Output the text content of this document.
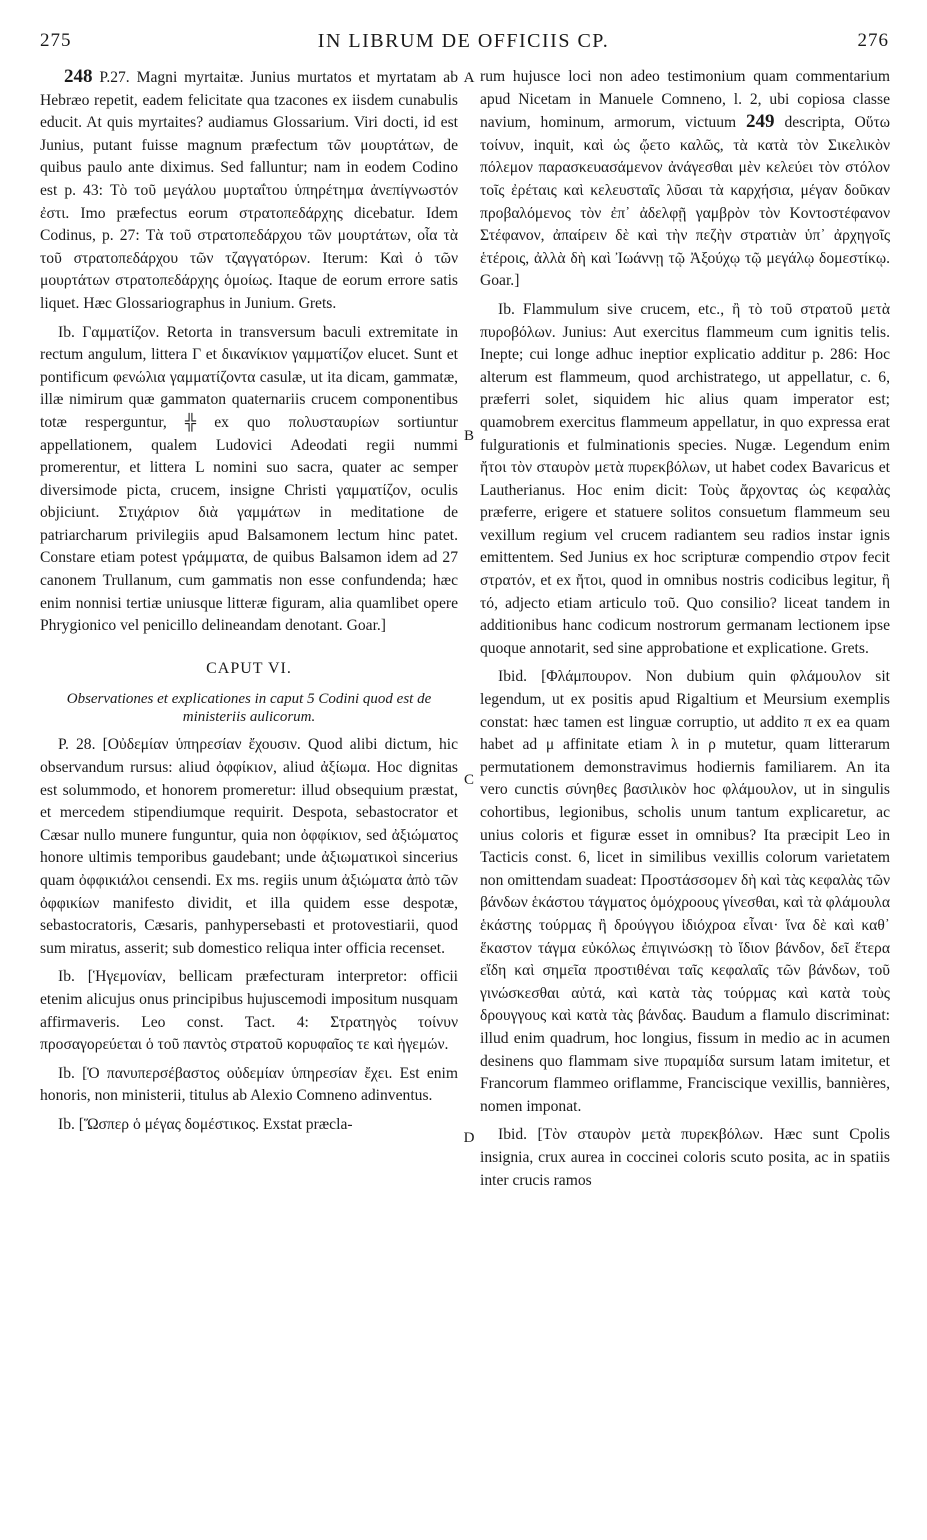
275	IN LIBRUM DE OFFICIIS CP.	276
A
B
C
D

248 P.27. Magni myrtaitæ. Junius murtatos et myrtatam ab Hebræo repetit, eadem felicitate qua tzacones ex iisdem cunabulis educit. At quis myrtaites? audiamus Glossarium. Viri docti, id est Junius, putant fuisse magnum præfectum τῶν μουρτάτων, de quibus paulo ante diximus. Sed falluntur; nam in eodem Codino est p. 43: Τὸ τοῦ μεγάλου μυρταΐτου ὑπηρέτημα ἀνεπίγνωστόν ἐστι. Imo præfectus eorum στρατοπεδάρχης dicebatur. Idem Codinus, p. 27: Τὰ τοῦ στρατοπεδάρχου τῶν μουρτάτων, οἷα τὰ τοῦ στρατοπεδάρχου τῶν τζαγγατόρων. Iterum: Καὶ ὁ τῶν μουρτάτων στρατοπεδάρχης ὁμοίως. Itaque de eorum errore satis liquet. Hæc Glossariographus in Junium. Grets.

Ib. Γαμματίζον. Retorta in transversum baculi extremitate in rectum angulum, littera Γ et δικανίκιον γαμματίζον elucet. Sunt et pontificum φενώλια γαμματίζοντα casulæ, ut ita dicam, gammatæ, illæ nimirum quæ gammaton quaternariis crucem componentibus totæ resperguntur, ╬ ex quo πολυσταυρίων sortiuntur appellationem, qualem Ludovici Adeodati regii nummi promerentur, et littera L nomini suo sacra, quater ac semper diversimode picta, crucem, insigne Christi γαμματίζον, oculis objiciunt. Στιχάριον διὰ γαμμάτων in meditatione de patriarcharum privilegiis apud Balsamonem lectum hinc patet. Constare etiam potest γράμματα, de quibus Balsamon idem ad 27 canonem Trullanum, cum gammatis non esse confundenda; hæc enim nonnisi tertiæ uniusque litteræ figuram, alia quamlibet opere Phrygionico vel penicillo delineandam denotant. Goar.]

CAPUT VI.
Observationes et explicationes in caput 5 Codini quod est de ministeriis aulicorum.

P. 28. [Οὐδεμίαν ὑπηρεσίαν ἔχουσιν. Quod alibi dictum, hic observandum rursus: aliud ὀφφίκιον, aliud ἀξίωμα. Hoc dignitas est solummodo, et honorem promeretur: illud obsequium præstat, et mercedem stipendiumque requirit. Despota, sebastocrator et Cæsar nullo munere funguntur, quia non ὀφφίκιον, sed ἀξιώματος honore ultimis temporibus gaudebant; unde ἀξιωματικοὶ sincerius quam ὀφφικιάλοι censendi. Ex ms. regiis unum ἀξιώματα ἀπὸ τῶν ὀφφικίων manifesto dividit, et illa quidem esse despotæ, sebastocratoris, Cæsaris, panhypersebasti et protovestiarii, quod sum miratus, asserit; sub domestico reliqua inter officia recenset.

Ib. [Ἡγεμονίαν, bellicam præfecturam interpretor: officii etenim alicujus onus principibus hujuscemodi impositum nusquam affirmaveris. Leo const. Tact. 4: Στρατηγὸς τοίνυν προσαγορεύεται ὁ τοῦ παντὸς στρατοῦ κορυφαῖος τε καὶ ἡγεμών.

Ib. [Ὁ πανυπερσέβαστος οὐδεμίαν ὑπηρεσίαν ἔχει. Est enim honoris, non ministerii, titulus ab Alexio Comneno adinventus.

Ib. [Ὥσπερ ὁ μέγας δομέστικος. Exstat præcla-

rum hujusce loci non adeo testimonium quam commentarium apud Nicetam in Manuele Comneno, l. 2, ubi copiosa classe navium, hominum, armorum, victuum 249 descripta, Οὕτω τοίνυν, inquit, καὶ ὡς ᾤετο καλῶς, τὰ κατὰ τὸν Σικελικὸν πόλεμον παρασκευασάμενον ἀνάγεσθαι μὲν κελεύει τὸν στόλον τοῖς ἐρέταις καὶ κελευσταῖς λῦσαι τὰ καρχήσια, μέγαν δοῦκαν προβαλόμενος τὸν ἐπ᾽ ἀδελφῇ γαμβρὸν τὸν Κοντοστέφανον Στέφανον, ἀπαίρειν δὲ καὶ τὴν πεζὴν στρατιὰν ὑπ᾽ ἀρχηγοῖς ἑτέροις, ἀλλὰ δὴ καὶ Ἰωάννῃ τῷ Ἀξούχῳ τῷ μεγάλῳ δομεστίκῳ. Goar.]

Ib. Flammulum sive crucem, etc., ἢ τὸ τοῦ στρατοῦ μετὰ πυροβόλων. Junius: Aut exercitus flammeum cum ignitis telis. Inepte; cui longe adhuc ineptior explicatio additur p. 286: Hoc alterum est flammeum, quod archistratego, ut appellatur, c. 6, præferri solet, siquidem hic alius quam imperator est; quamobrem exercitus flammeum appellatur, in quo expressa erat fulgurationis et fulminationis species. Nugæ. Legendum enim ἤτοι τὸν σταυρὸν μετὰ πυρεκβόλων, ut habet codex Bavaricus et Lautherianus. Hoc enim dicit: Τοὺς ἄρχοντας ὡς κεφαλὰς præferre, erigere et statuere solitos consuetum flammeum seu vexillum regium vel crucem radiantem seu radios instar ignis emittentem. Sed Junius ex hoc scripturæ compendio στρον fecit στρατόν, et ex ἤτοι, quod in omnibus nostris codicibus legitur, ἢ τό, adjecto etiam articulo τοῦ. Quo consilio? liceat tandem in additionibus hanc codicum nostrorum germanam lectionem ipse quoque annotarit, sed sine approbatione et explicatione. Grets.

Ibid. [Φλάμπουρον. Non dubium quin φλάμουλον sit legendum, ut ex positis apud Rigaltium et Meursium exemplis constat: hæc tamen est linguæ corruptio, ut addito π ex ea quam habet ad μ affinitate etiam λ in ρ mutetur, quam litterarum permutationem demonstravimus hodiernis familiarem. An ita vero cunctis σύνηθες βασιλικὸν hoc φλάμουλον, ut in singulis cohortibus, legionibus, scholis unum tantum explicaretur, ac unius coloris et figuræ esset in omnibus? Ita præcipit Leo in Tacticis const. 6, licet in similibus vexillis colorum varietatem non omittendam suadeat: Προστάσσομεν δὴ καὶ τὰς κεφαλὰς τῶν βάνδων ἑκάστου τάγματος ὁμόχροους γίνεσθαι, καὶ τὰ φλάμουλα ἑκάστης τούρμας ἢ δρούγγου ἰδιόχροα εἶναι· ἵνα δὲ καὶ καθ᾽ ἕκαστον τάγμα εὐκόλως ἐπιγινώσκῃ τὸ ἴδιον βάνδον, δεῖ ἕτερα εἴδη καὶ σημεῖα προστιθέναι ταῖς κεφαλαῖς τῶν βάνδων, τοῦ γινώσκεσθαι αὐτά, καὶ κατὰ τὰς τούρμας καὶ κατὰ τοὺς δρουγγους καὶ κατὰ τὰς βάνδας. Baudum a flamulo discriminat: illud enim quadrum, hoc longius, fissum in medio ac in acumen desinens quo flammam sive πυραμίδα sursum latam imitetur, et Francorum flammeo oriflamme, Franciscique vexillis, bannières, nomen imponat.

Ibid. [Τὸν σταυρὸν μετὰ πυρεκβόλων. Hæc sunt Cpolis insignia, crux aurea in coccinei coloris scuto posita, ac in spatiis inter crucis ramos
